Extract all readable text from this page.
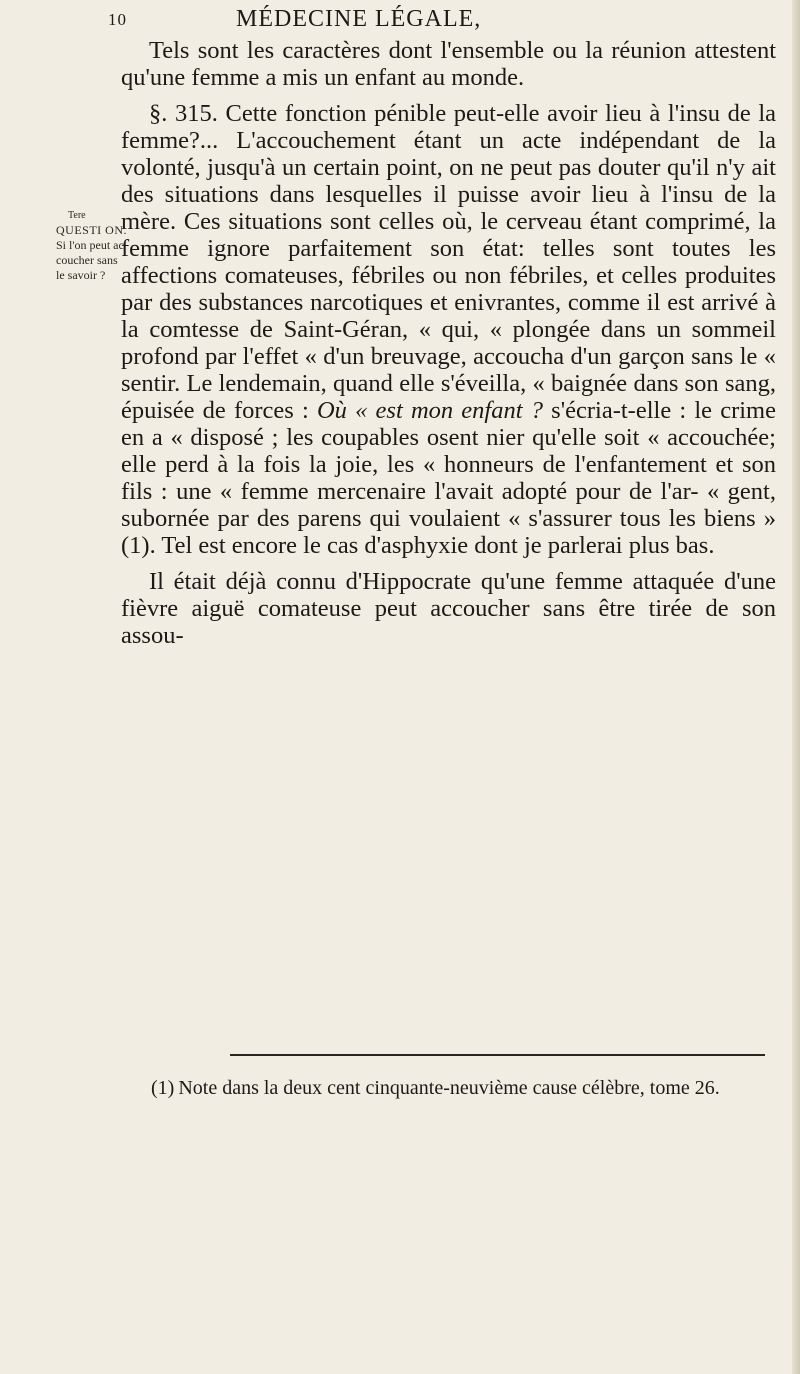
10	MÉDECINE LÉGALE,
Tere
QUESTI ON.
Si l'on peut ac
coucher sans
le savoir ?

Tels sont les caractères dont l'ensemble ou la réunion attestent qu'une femme a mis un enfant au monde.

§. 315. Cette fonction pénible peut-elle avoir lieu à l'insu de la femme?... L'accouchement étant un acte indépendant de la volonté, jusqu'à un certain point, on ne peut pas douter qu'il n'y ait des situations dans lesquelles il puisse avoir lieu à l'insu de la mère. Ces situations sont celles où, le cerveau étant comprimé, la femme ignore parfaitement son état: telles sont toutes les affections comateuses, fébriles ou non fébriles, et celles produites par des substances narcotiques et enivrantes, comme il est arrivé à la comtesse de Saint-Géran, « qui, « plongée dans un sommeil profond par l'effet « d'un breuvage, accoucha d'un garçon sans le « sentir. Le lendemain, quand elle s'éveilla, « baignée dans son sang, épuisée de forces : Où « est mon enfant ? s'écria-t-elle : le crime en a « disposé ; les coupables osent nier qu'elle soit « accouchée; elle perd à la fois la joie, les « honneurs de l'enfantement et son fils : une « femme mercenaire l'avait adopté pour de l'ar- « gent, subornée par des parens qui voulaient « s'assurer tous les biens » (1). Tel est encore le cas d'asphyxie dont je parlerai plus bas.

Il était déjà connu d'Hippocrate qu'une femme attaquée d'une fièvre aiguë comateuse peut accoucher sans être tirée de son assou-

(1) Note dans la deux cent cinquante-neuvième cause célèbre, tome 26.
